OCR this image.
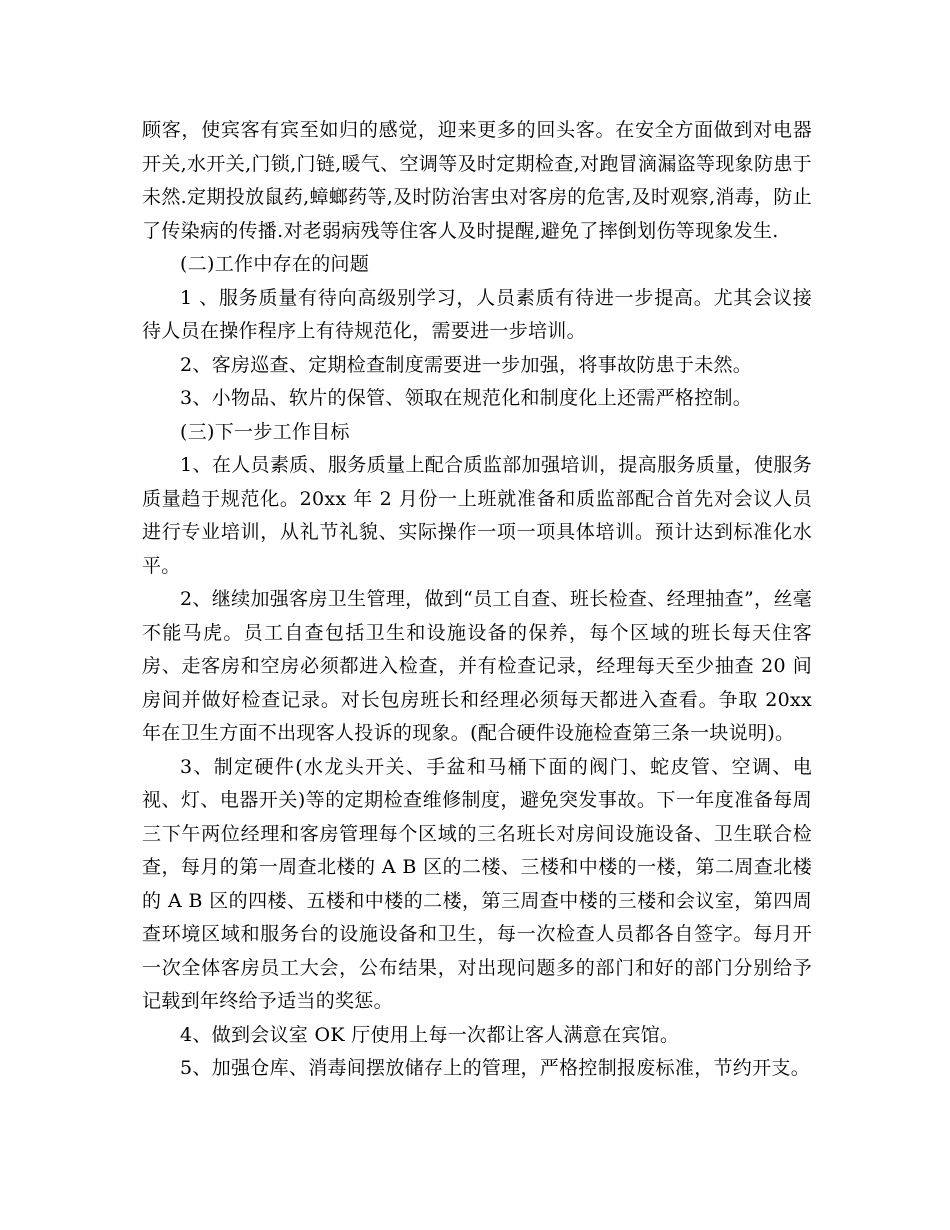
顾客，使宾客有宾至如归的感觉，迎来更多的回头客。在安全方面做到对电器开关,水开关,门锁,门链,暖气、空调等及时定期检查,对跑冒滴漏盗等现象防患于未然.定期投放鼠药,蟑螂药等,及时防治害虫对客房的危害,及时观察,消毒，防止了传染病的传播.对老弱病残等住客人及时提醒,避免了摔倒划伤等现象发生.

(二)工作中存在的问题

1 、服务质量有待向高级别学习，人员素质有待进一步提高。尤其会议接待人员在操作程序上有待规范化，需要进一步培训。

2、客房巡查、定期检查制度需要进一步加强，将事故防患于未然。

3、小物品、软片的保管、领取在规范化和制度化上还需严格控制。

(三)下一步工作目标

1、在人员素质、服务质量上配合质监部加强培训，提高服务质量，使服务质量趋于规范化。20xx 年 2 月份一上班就准备和质监部配合首先对会议人员进行专业培训，从礼节礼貌、实际操作一项一项具体培训。预计达到标准化水平。

2、继续加强客房卫生管理，做到“员工自查、班长检查、经理抽查”，丝毫不能马虎。员工自查包括卫生和设施设备的保养，每个区域的班长每天住客房、走客房和空房必须都进入检查，并有检查记录，经理每天至少抽查 20 间房间并做好检查记录。对长包房班长和经理必须每天都进入查看。争取 20xx 年在卫生方面不出现客人投诉的现象。(配合硬件设施检查第三条一块说明)。

3、制定硬件(水龙头开关、手盆和马桶下面的阀门、蛇皮管、空调、电视、灯、电器开关)等的定期检查维修制度，避免突发事故。下一年度准备每周三下午两位经理和客房管理每个区域的三名班长对房间设施设备、卫生联合检查，每月的第一周查北楼的 A B 区的二楼、三楼和中楼的一楼，第二周查北楼的 A B 区的四楼、五楼和中楼的二楼，第三周查中楼的三楼和会议室，第四周查环境区域和服务台的设施设备和卫生，每一次检查人员都各自签字。每月开一次全体客房员工大会，公布结果，对出现问题多的部门和好的部门分别给予记载到年终给予适当的奖惩。

4、做到会议室 OK 厅使用上每一次都让客人满意在宾馆。

5、加强仓库、消毒间摆放储存上的管理，严格控制报废标准，节约开支。
